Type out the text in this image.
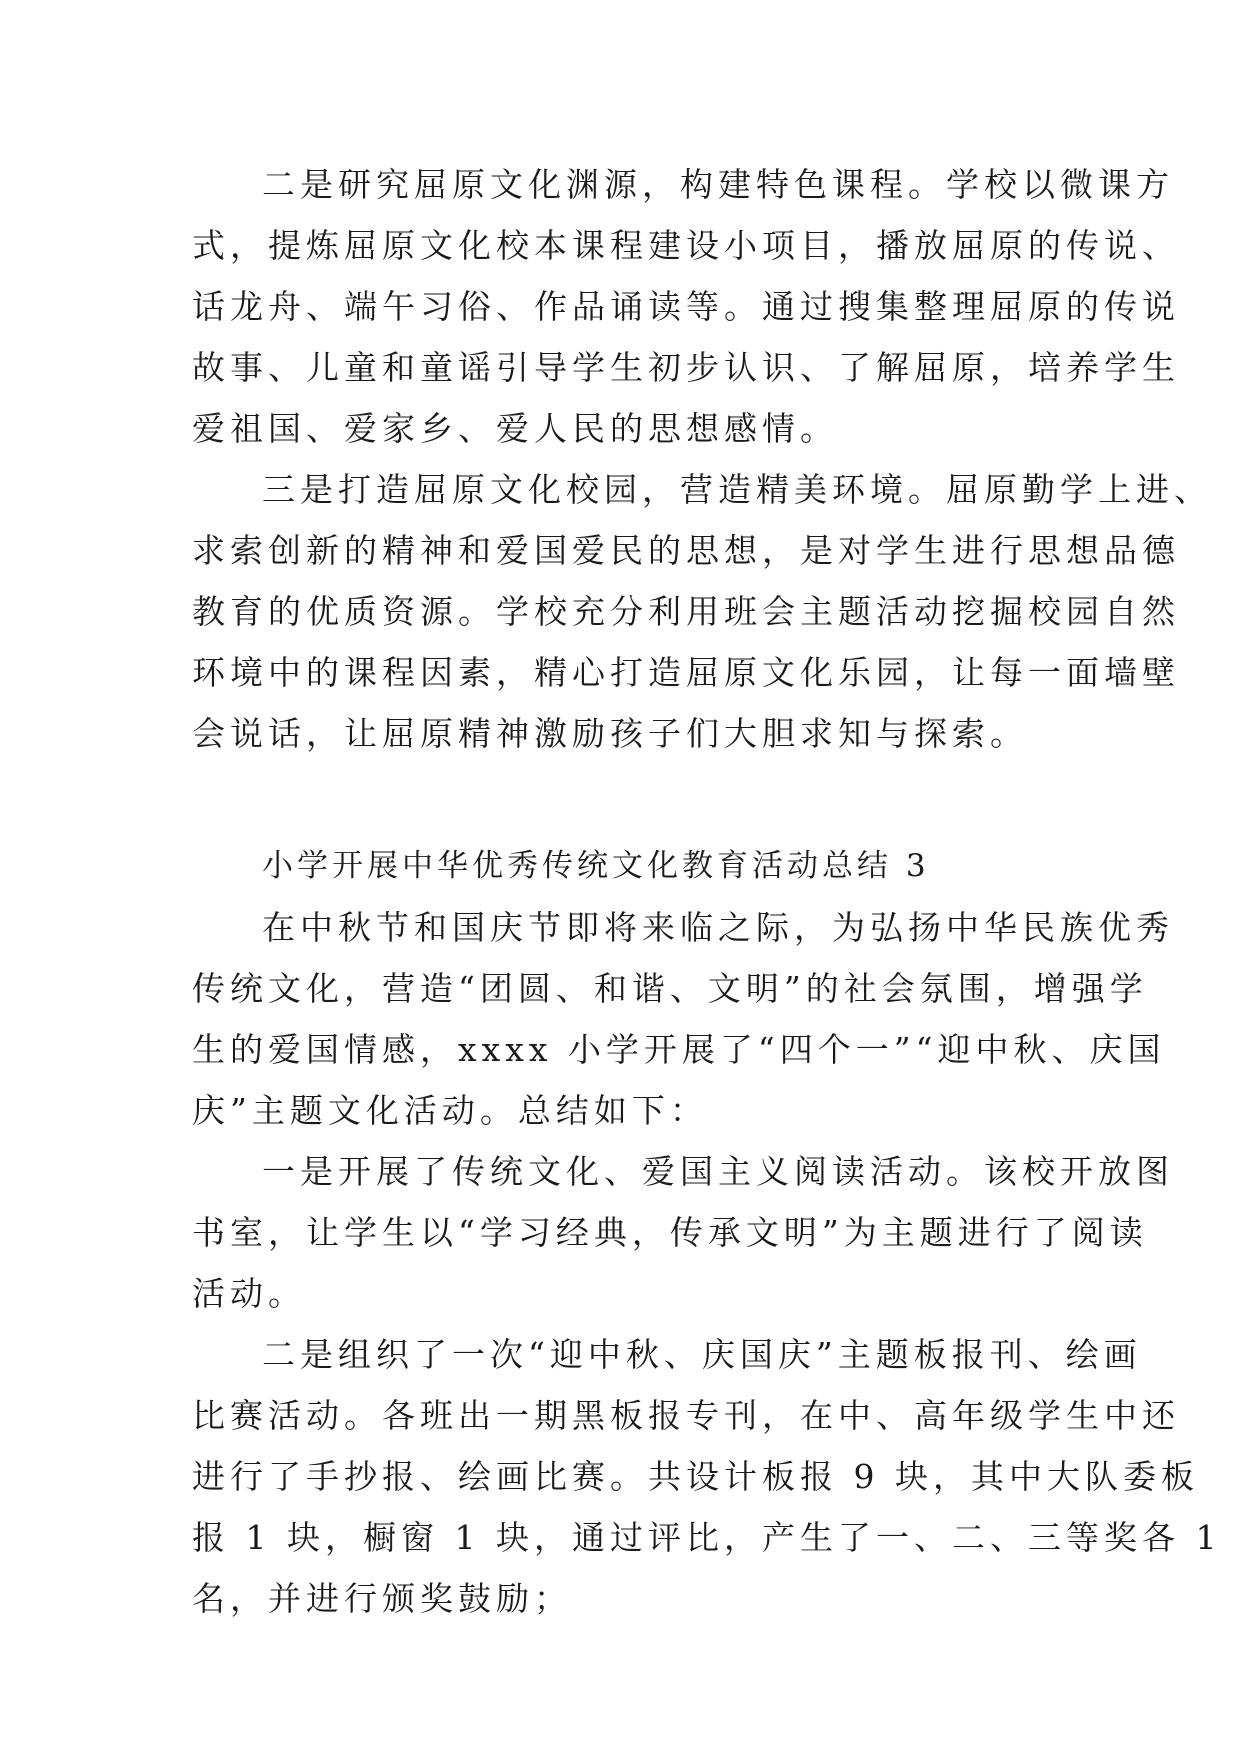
二是研究屈原文化渊源，构建特色课程。学校以微课方
式，提炼屈原文化校本课程建设小项目，播放屈原的传说、
话龙舟、端午习俗、作品诵读等。通过搜集整理屈原的传说
故事、儿童和童谣引导学生初步认识、了解屈原，培养学生
爱祖国、爱家乡、爱人民的思想感情。
三是打造屈原文化校园，营造精美环境。屈原勤学上进、
求索创新的精神和爱国爱民的思想，是对学生进行思想品德
教育的优质资源。学校充分利用班会主题活动挖掘校园自然
环境中的课程因素，精心打造屈原文化乐园，让每一面墙壁
会说话，让屈原精神激励孩子们大胆求知与探索。
小学开展中华优秀传统文化教育活动总结 3
在中秋节和国庆节即将来临之际，为弘扬中华民族优秀
传统文化，营造“团圆、和谐、文明”的社会氛围，增强学
生的爱国情感，xxxx 小学开展了“四个一”“迎中秋、庆国
庆”主题文化活动。总结如下：
一是开展了传统文化、爱国主义阅读活动。该校开放图
书室，让学生以“学习经典，传承文明”为主题进行了阅读
活动。
二是组织了一次“迎中秋、庆国庆”主题板报刊、绘画
比赛活动。各班出一期黑板报专刊，在中、高年级学生中还
进行了手抄报、绘画比赛。共设计板报 9 块，其中大队委板
报 1 块，橱窗 1 块，通过评比，产生了一、二、三等奖各 1
名，并进行颁奖鼓励；
